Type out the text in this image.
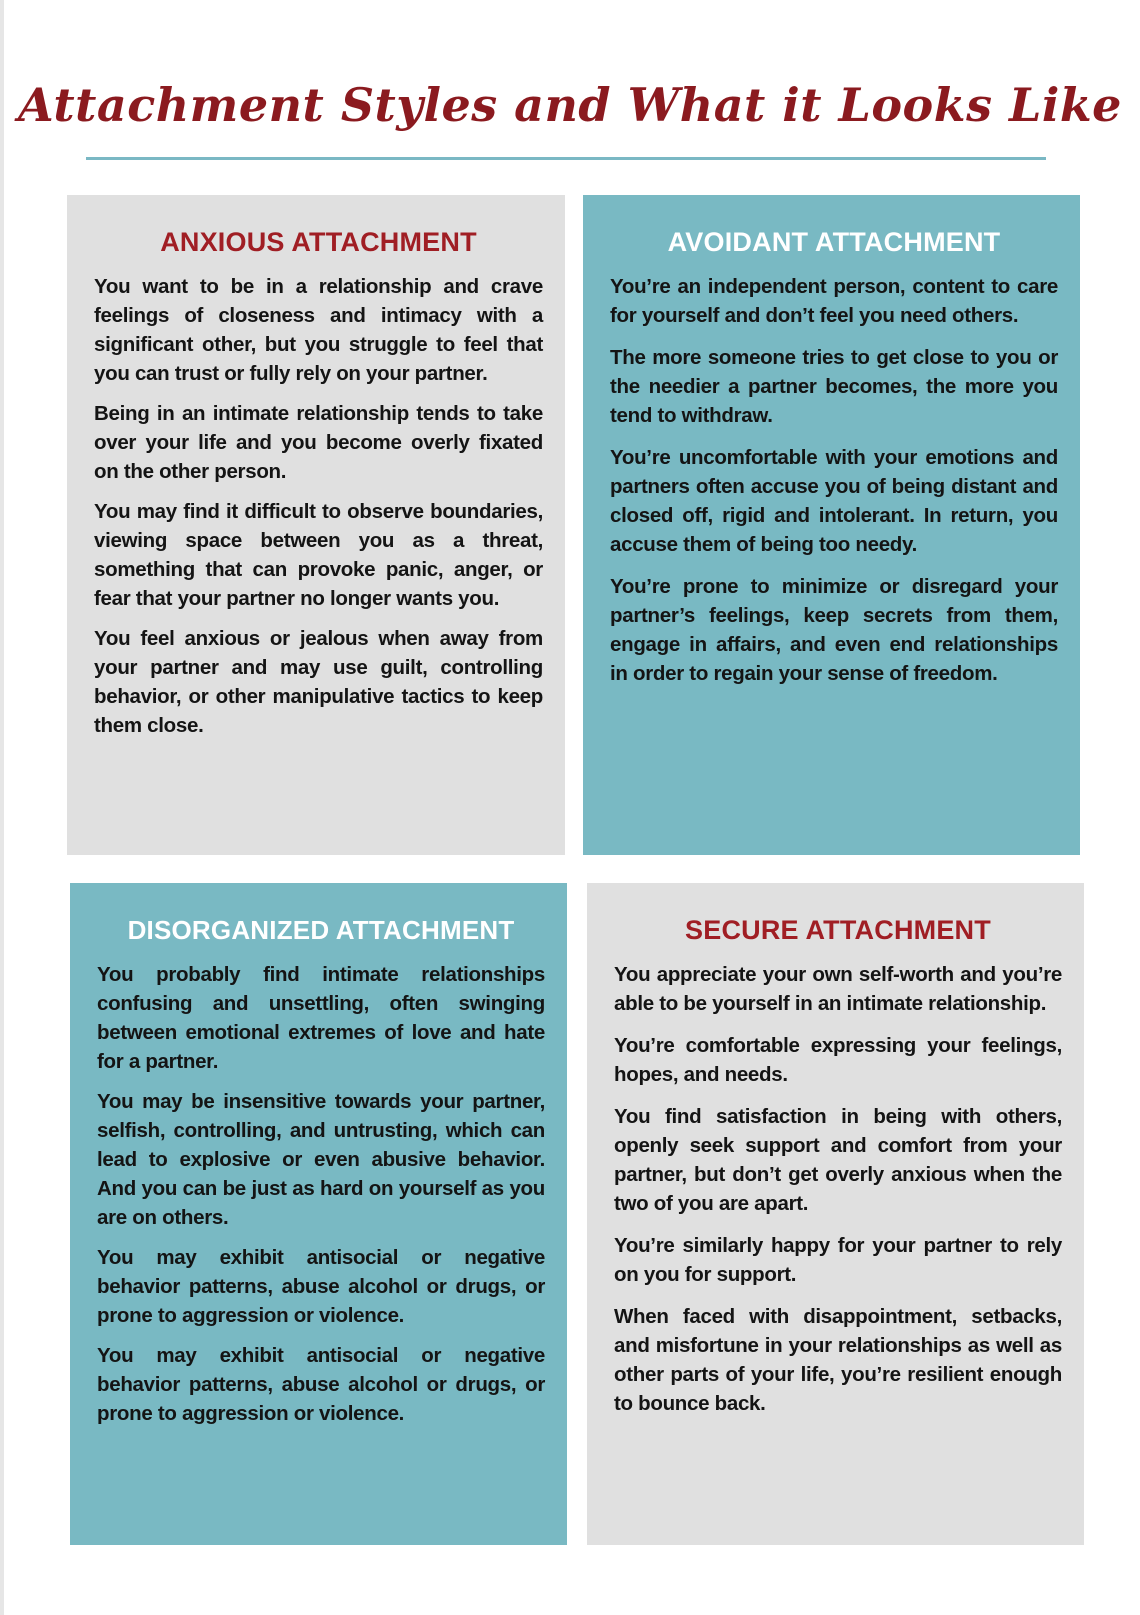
Attachment Styles and What it Looks Like
ANXIOUS ATTACHMENT

You want to be in a relationship and crave feelings of closeness and intimacy with a significant other, but you struggle to feel that you can trust or fully rely on your partner.

Being in an intimate relationship tends to take over your life and you become overly fixated on the other person.

You may find it difficult to observe boundaries, viewing space between you as a threat, something that can provoke panic, anger, or fear that your partner no longer wants you.

You feel anxious or jealous when away from your partner and may use guilt, controlling behavior, or other manipulative tactics to keep them close.

AVOIDANT ATTACHMENT

You’re an independent person, content to care for yourself and don’t feel you need others.

The more someone tries to get close to you or the needier a partner becomes, the more you tend to withdraw.

You’re uncomfortable with your emotions and partners often accuse you of being distant and closed off, rigid and intolerant. In return, you accuse them of being too needy.

You’re prone to minimize or disregard your partner’s feelings, keep secrets from them, engage in affairs, and even end relationships in order to regain your sense of freedom.

DISORGANIZED ATTACHMENT

You probably find intimate relationships confusing and unsettling, often swinging between emotional extremes of love and hate for a partner.

You may be insensitive towards your partner, selfish, controlling, and untrusting, which can lead to explosive or even abusive behavior. And you can be just as hard on yourself as you are on others.

You may exhibit antisocial or negative behavior patterns, abuse alcohol or drugs, or prone to aggression or violence.

You may exhibit antisocial or negative behavior patterns, abuse alcohol or drugs, or prone to aggression or violence.

SECURE ATTACHMENT

You appreciate your own self-worth and you’re able to be yourself in an intimate relationship.

You’re comfortable expressing your feelings, hopes, and needs.

You find satisfaction in being with others, openly seek support and comfort from your partner, but don’t get overly anxious when the two of you are apart.

You’re similarly happy for your partner to rely on you for support.

When faced with disappointment, setbacks, and misfortune in your relationships as well as other parts of your life, you’re resilient enough to bounce back.
